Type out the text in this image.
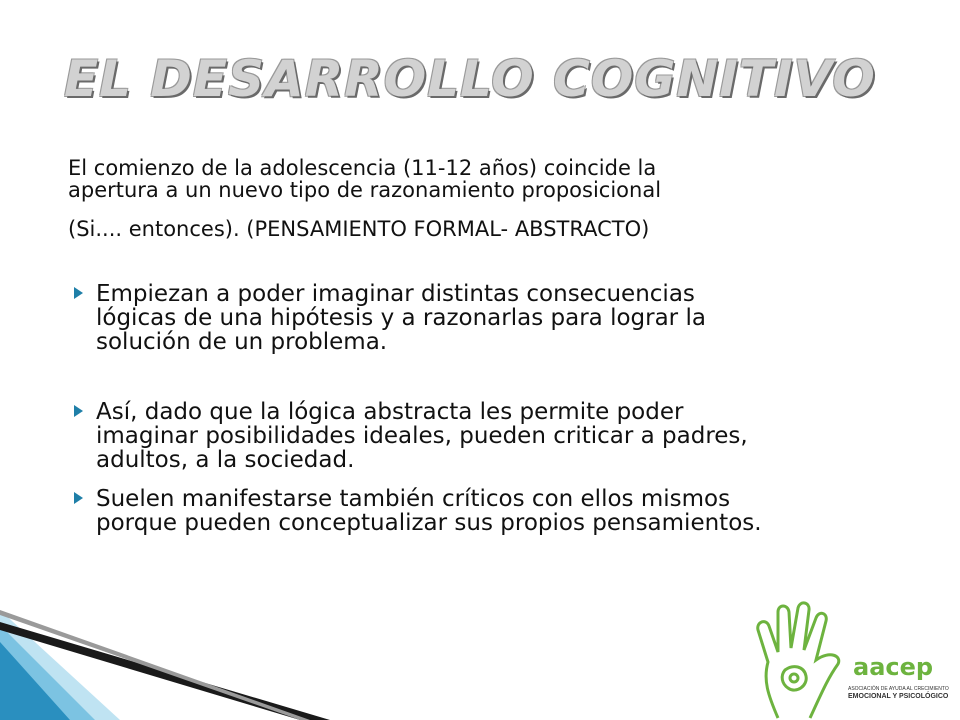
EL DESARROLLO COGNITIVO

El comienzo de la adolescencia (11-12 años) coincide la
apertura a un nuevo tipo de razonamiento proposicional

(Si.... entonces). (PENSAMIENTO FORMAL- ABSTRACTO)

Empiezan a poder imaginar distintas consecuencias
lógicas de una hipótesis y a razonarlas para lograr la
solución de un problema.
Así, dado que la lógica abstracta les permite poder
imaginar posibilidades ideales, pueden criticar a padres,
adultos, a la sociedad.
Suelen manifestarse también críticos con ellos mismos
porque pueden conceptualizar sus propios pensamientos.
aacep
ASOCIACIÓN DE AYUDA AL CRECIMIENTO
EMOCIONAL Y PSICOLÓGICO
